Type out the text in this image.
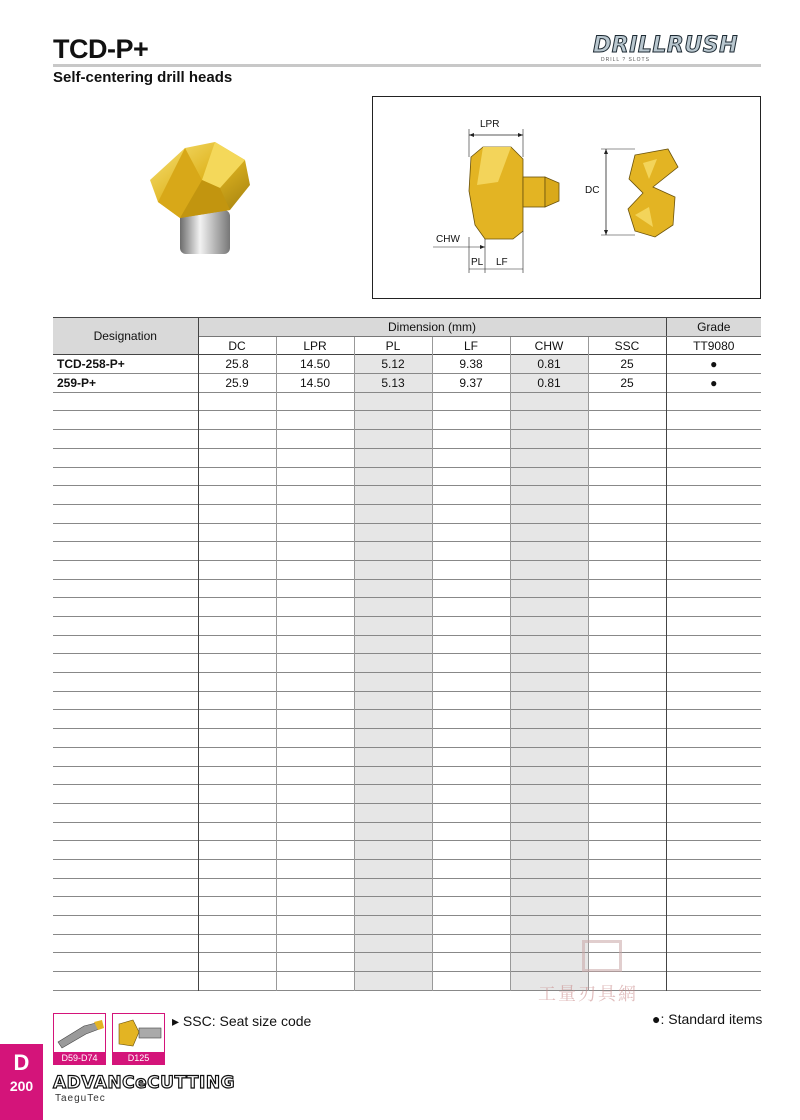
TCD-P+
Self-centering drill heads
DRILLRUSH
DRILL ? SLOTS
LPR
DC
CHW
PL LF
Designation	Dimension (mm)						Grade
	DC	LPR	PL	LF	CHW	SSC	TT9080
TCD-258-P+	25.8	14.50	5.12	9.38	0.81	25	●
259-P+	25.9	14.50	5.13	9.37	0.81	25	●

▸ SSC: Seat size code	●: Standard items
D59-D74	D125
工量刃具網
D
200	ADVANCeCUTTING
TaeguTec
